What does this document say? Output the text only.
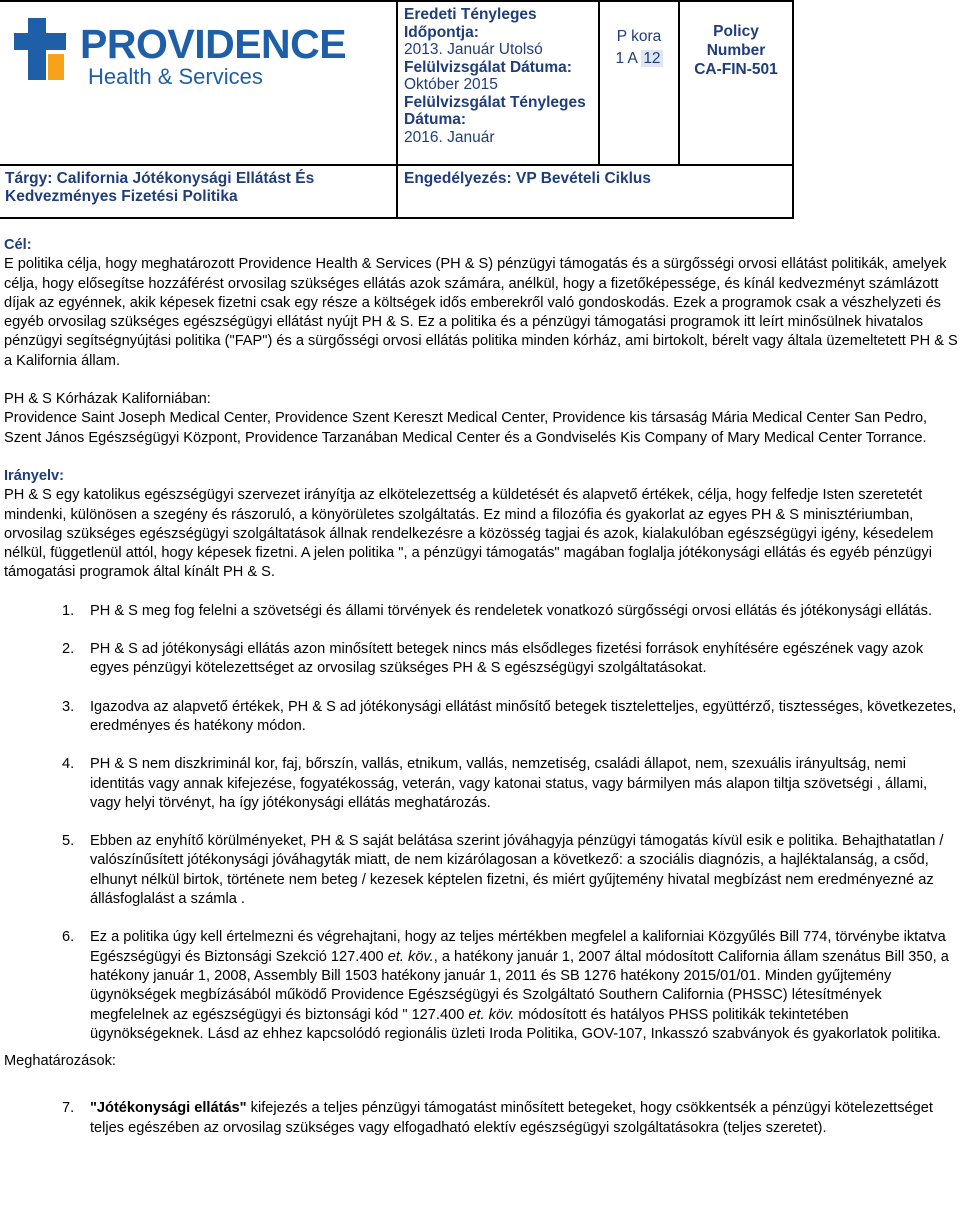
PROVIDENCE
Health & Services
Eredeti Tényleges
Időpontja:
2013. Január Utolsó
Felülvizsgálat Dátuma:
Október 2015
Felülvizsgálat Tényleges
Dátuma:
2016. Január
P kora
1 A 12
Policy
Number
CA-FIN-501
Tárgy: California Jótékonysági Ellátást És Kedvezményes Fizetési Politika
Engedélyezés: VP Bevételi Ciklus

Cél:

E politika célja, hogy meghatározott Providence Health & Services (PH & S) pénzügyi támogatás és a sürgősségi orvosi ellátást politikák, amelyek célja, hogy elősegítse hozzáférést orvosilag szükséges ellátás azok számára, anélkül, hogy a fizetőképessége, és kínál kedvezményt számlázott díjak az egyénnek, akik képesek fizetni csak egy része a költségek idős emberekről való gondoskodás. Ezek a programok csak a vészhelyzeti és egyéb orvosilag szükséges egészségügyi ellátást nyújt PH & S. Ez a politika és a pénzügyi támogatási programok itt leírt minősülnek hivatalos pénzügyi segítségnyújtási politika ("FAP") és a sürgősségi orvosi ellátás politika minden kórház, ami birtokolt, bérelt vagy általa üzemeltetett PH & S a Kalifornia állam.

PH & S Kórházak Kaliforniában:

Providence Saint Joseph Medical Center, Providence Szent Kereszt Medical Center, Providence kis társaság Mária Medical Center San Pedro, Szent János Egészségügyi Központ, Providence Tarzanában Medical Center és a Gondviselés Kis Company of Mary Medical Center Torrance.

Irányelv:

PH & S egy katolikus egészségügyi szervezet irányítja az elkötelezettség a küldetését és alapvető értékek, célja, hogy felfedje Isten szeretetét mindenki, különösen a szegény és rászoruló, a könyörületes szolgáltatás. Ez mind a filozófia és gyakorlat az egyes PH & S minisztériumban, orvosilag szükséges egészségügyi szolgáltatások állnak rendelkezésre a közösség tagjai és azok, kialakulóban egészségügyi igény, késedelem nélkül, függetlenül attól, hogy képesek fizetni. A jelen politika ", a pénzügyi támogatás" magában foglalja jótékonysági ellátás és egyéb pénzügyi támogatási programok által kínált PH & S.

1. PH & S meg fog felelni a szövetségi és állami törvények és rendeletek vonatkozó sürgősségi orvosi ellátás és jótékonysági ellátás.
2. PH & S ad jótékonysági ellátás azon minősített betegek nincs más elsődleges fizetési források enyhítésére egészének vagy azok egyes pénzügyi kötelezettséget az orvosilag szükséges PH & S egészségügyi szolgáltatásokat.
3. Igazodva az alapvető értékek, PH & S ad jótékonysági ellátást minősítő betegek tiszteletteljes, együttérző, tisztességes, következetes, eredményes és hatékony módon.
4. PH & S nem diszkriminál kor, faj, bőrszín, vallás, etnikum, vallás, nemzetiség, családi állapot, nem, szexuális irányultság, nemi identitás vagy annak kifejezése, fogyatékosság, veterán, vagy katonai status, vagy bármilyen más alapon tiltja szövetségi , állami, vagy helyi törvényt, ha így jótékonysági ellátás meghatározás.
5. Ebben az enyhítő körülményeket, PH & S saját belátása szerint jóváhagyja pénzügyi támogatás kívül esik e politika. Behajthatatlan / valószínűsített jótékonysági jóváhagyták miatt, de nem kizárólagosan a következő: a szociális diagnózis, a hajléktalanság, a csőd, elhunyt nélkül birtok, története nem beteg / kezesek képtelen fizetni, és miért gyűjtemény hivatal megbízást nem eredményezné az állásfoglalást a számla .
6. Ez a politika úgy kell értelmezni és végrehajtani, hogy az teljes mértékben megfelel a kaliforniai Közgyűlés Bill 774, törvénybe iktatva Egészségügyi és Biztonsági Szekció 127.400 et. köv., a hatékony január 1, 2007 által módosított California állam szenátus Bill 350, a hatékony január 1, 2008, Assembly Bill 1503 hatékony január 1, 2011 és SB 1276 hatékony 2015/01/01. Minden gyűjtemény ügynökségek megbízásából működő Providence Egészségügyi és Szolgáltató Southern California (PHSSC) létesítmények megfelelnek az egészségügyi és biztonsági kód " 127.400 et. köv. módosított és hatályos PHSS politikák tekintetében ügynökségeknek. Lásd az ehhez kapcsolódó regionális üzleti Iroda Politika, GOV-107, Inkasszó szabványok és gyakorlatok politika.

Meghatározások:

7. "Jótékonysági ellátás" kifejezés a teljes pénzügyi támogatást minősített betegeket, hogy csökkentsék a pénzügyi kötelezettséget teljes egészében az orvosilag szükséges vagy elfogadható elektív egészségügyi szolgáltatásokra (teljes szeretet).
